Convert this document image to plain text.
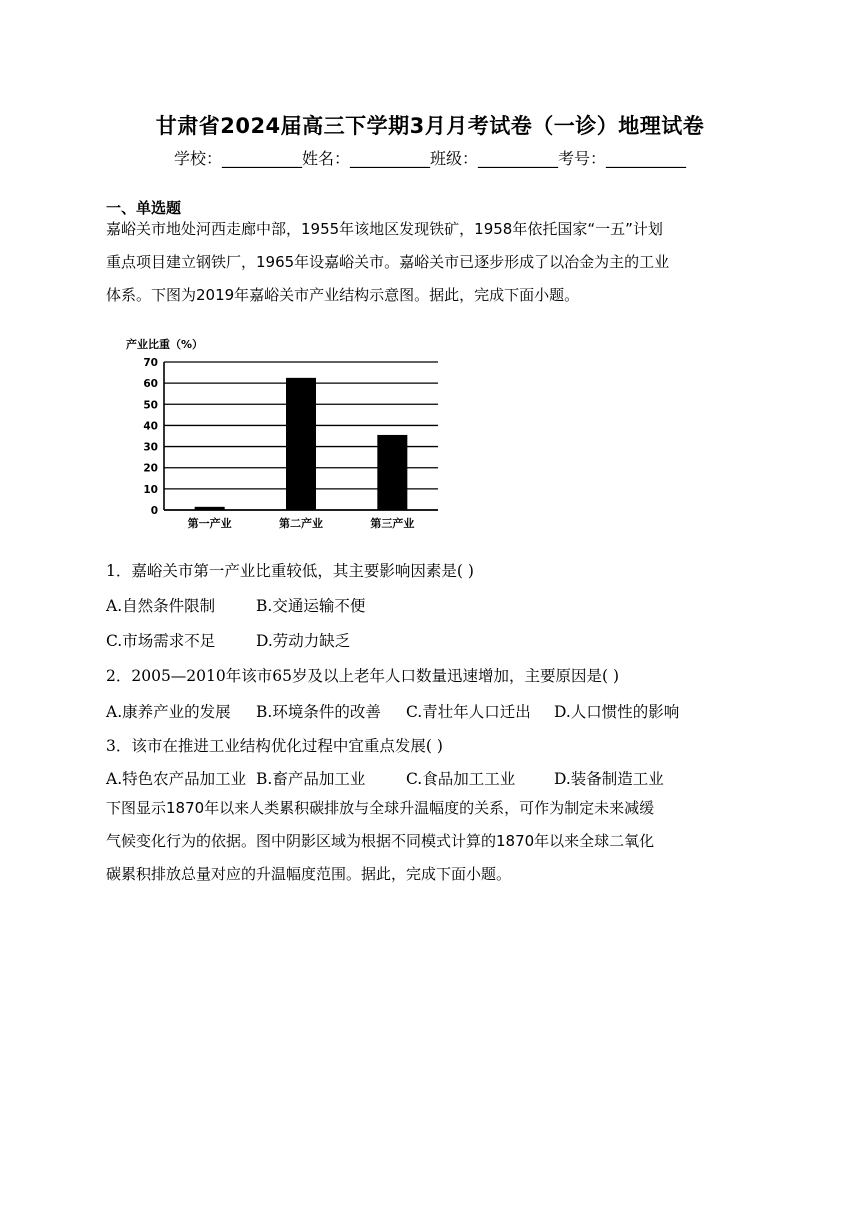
甘肃省2024届高三下学期3月月考试卷（一诊）地理试卷
学校：__________姓名：__________班级：__________考号：__________
一、单选题
嘉峪关市地处河西走廊中部，1955年该地区发现铁矿，1958年依托国家“一五”计划
重点项目建立钢铁厂，1965年设嘉峪关市。嘉峪关市已逐步形成了以冶金为主的工业
体系。下图为2019年嘉峪关市产业结构示意图。据此，完成下面小题。
产业比重（%）
0
10
20
30
40
50
60
70
第一产业	第二产业	第三产业
1．嘉峪关市第一产业比重较低，其主要影响因素是( )
A.自然条件限制	B.交通运输不便
C.市场需求不足	D.劳动力缺乏
2．2005—2010年该市65岁及以上老年人口数量迅速增加，主要原因是( )
A.康养产业的发展 B.环境条件的改善 C.青壮年人口迁出 D.人口惯性的影响
3．该市在推进工业结构优化过程中宜重点发展( )
A.特色农产品加工业 B.畜产品加工业	C.食品加工工业	D.装备制造工业
下图显示1870年以来人类累积碳排放与全球升温幅度的关系，可作为制定未来减缓
气候变化行为的依据。图中阴影区域为根据不同模式计算的1870年以来全球二氧化
碳累积排放总量对应的升温幅度范围。据此，完成下面小题。
